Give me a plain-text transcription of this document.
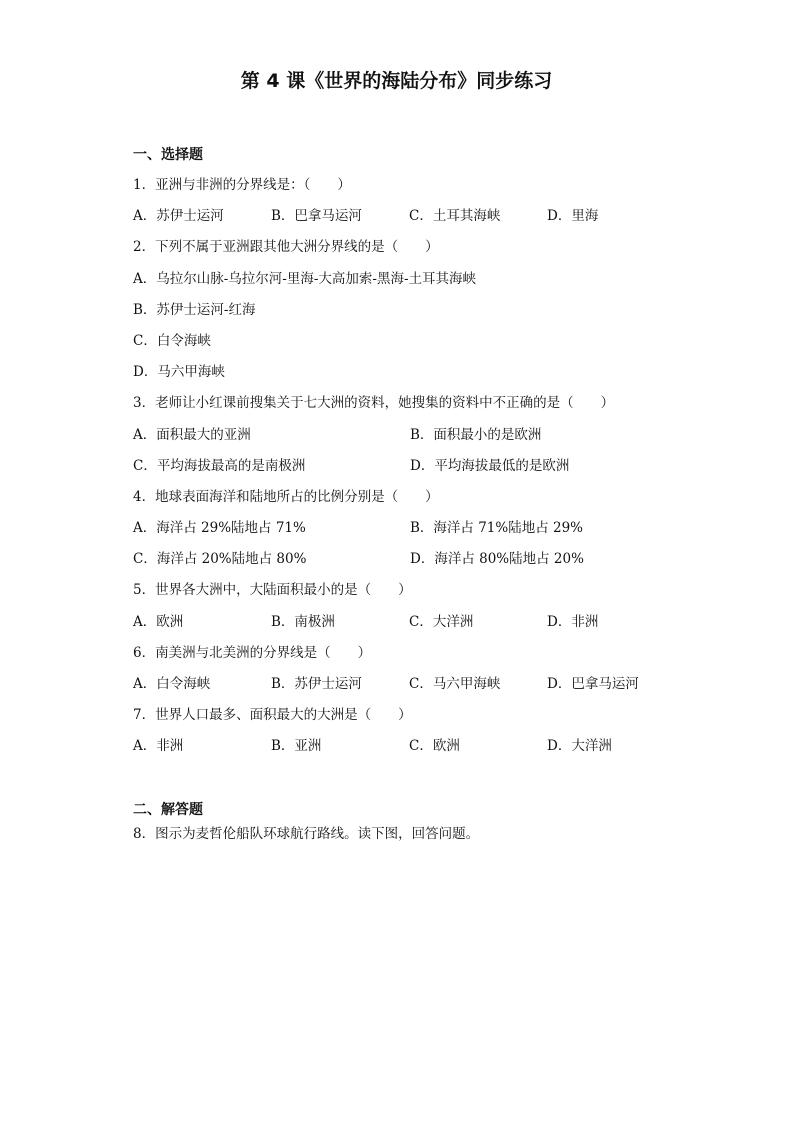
第 4 课《世界的海陆分布》同步练习
一、选择题
1．亚洲与非洲的分界线是：（　　）
A．苏伊士运河	B．巴拿马运河	C．土耳其海峡	D．里海
2．下列不属于亚洲跟其他大洲分界线的是（　　）
A．乌拉尔山脉-乌拉尔河-里海-大高加索-黑海-土耳其海峡
B．苏伊士运河-红海
C．白令海峡
D．马六甲海峡
3．老师让小红课前搜集关于七大洲的资料，她搜集的资料中不正确的是（　　）
A．面积最大的亚洲	B．面积最小的是欧洲
C．平均海拔最高的是南极洲	D．平均海拔最低的是欧洲
4．地球表面海洋和陆地所占的比例分别是（　　）
A．海洋占 29%陆地占 71%	B．海洋占 71%陆地占 29%
C．海洋占 20%陆地占 80%	D．海洋占 80%陆地占 20%
5．世界各大洲中，大陆面积最小的是（　　）
A．欧洲	B．南极洲	C．大洋洲	D．非洲
6．南美洲与北美洲的分界线是（　　）
A．白令海峡	B．苏伊士运河	C．马六甲海峡	D．巴拿马运河
7．世界人口最多、面积最大的大洲是（　　）
A．非洲	B．亚洲	C．欧洲	D．大洋洲
二、解答题
8．图示为麦哲伦船队环球航行路线。读下图，回答问题。
